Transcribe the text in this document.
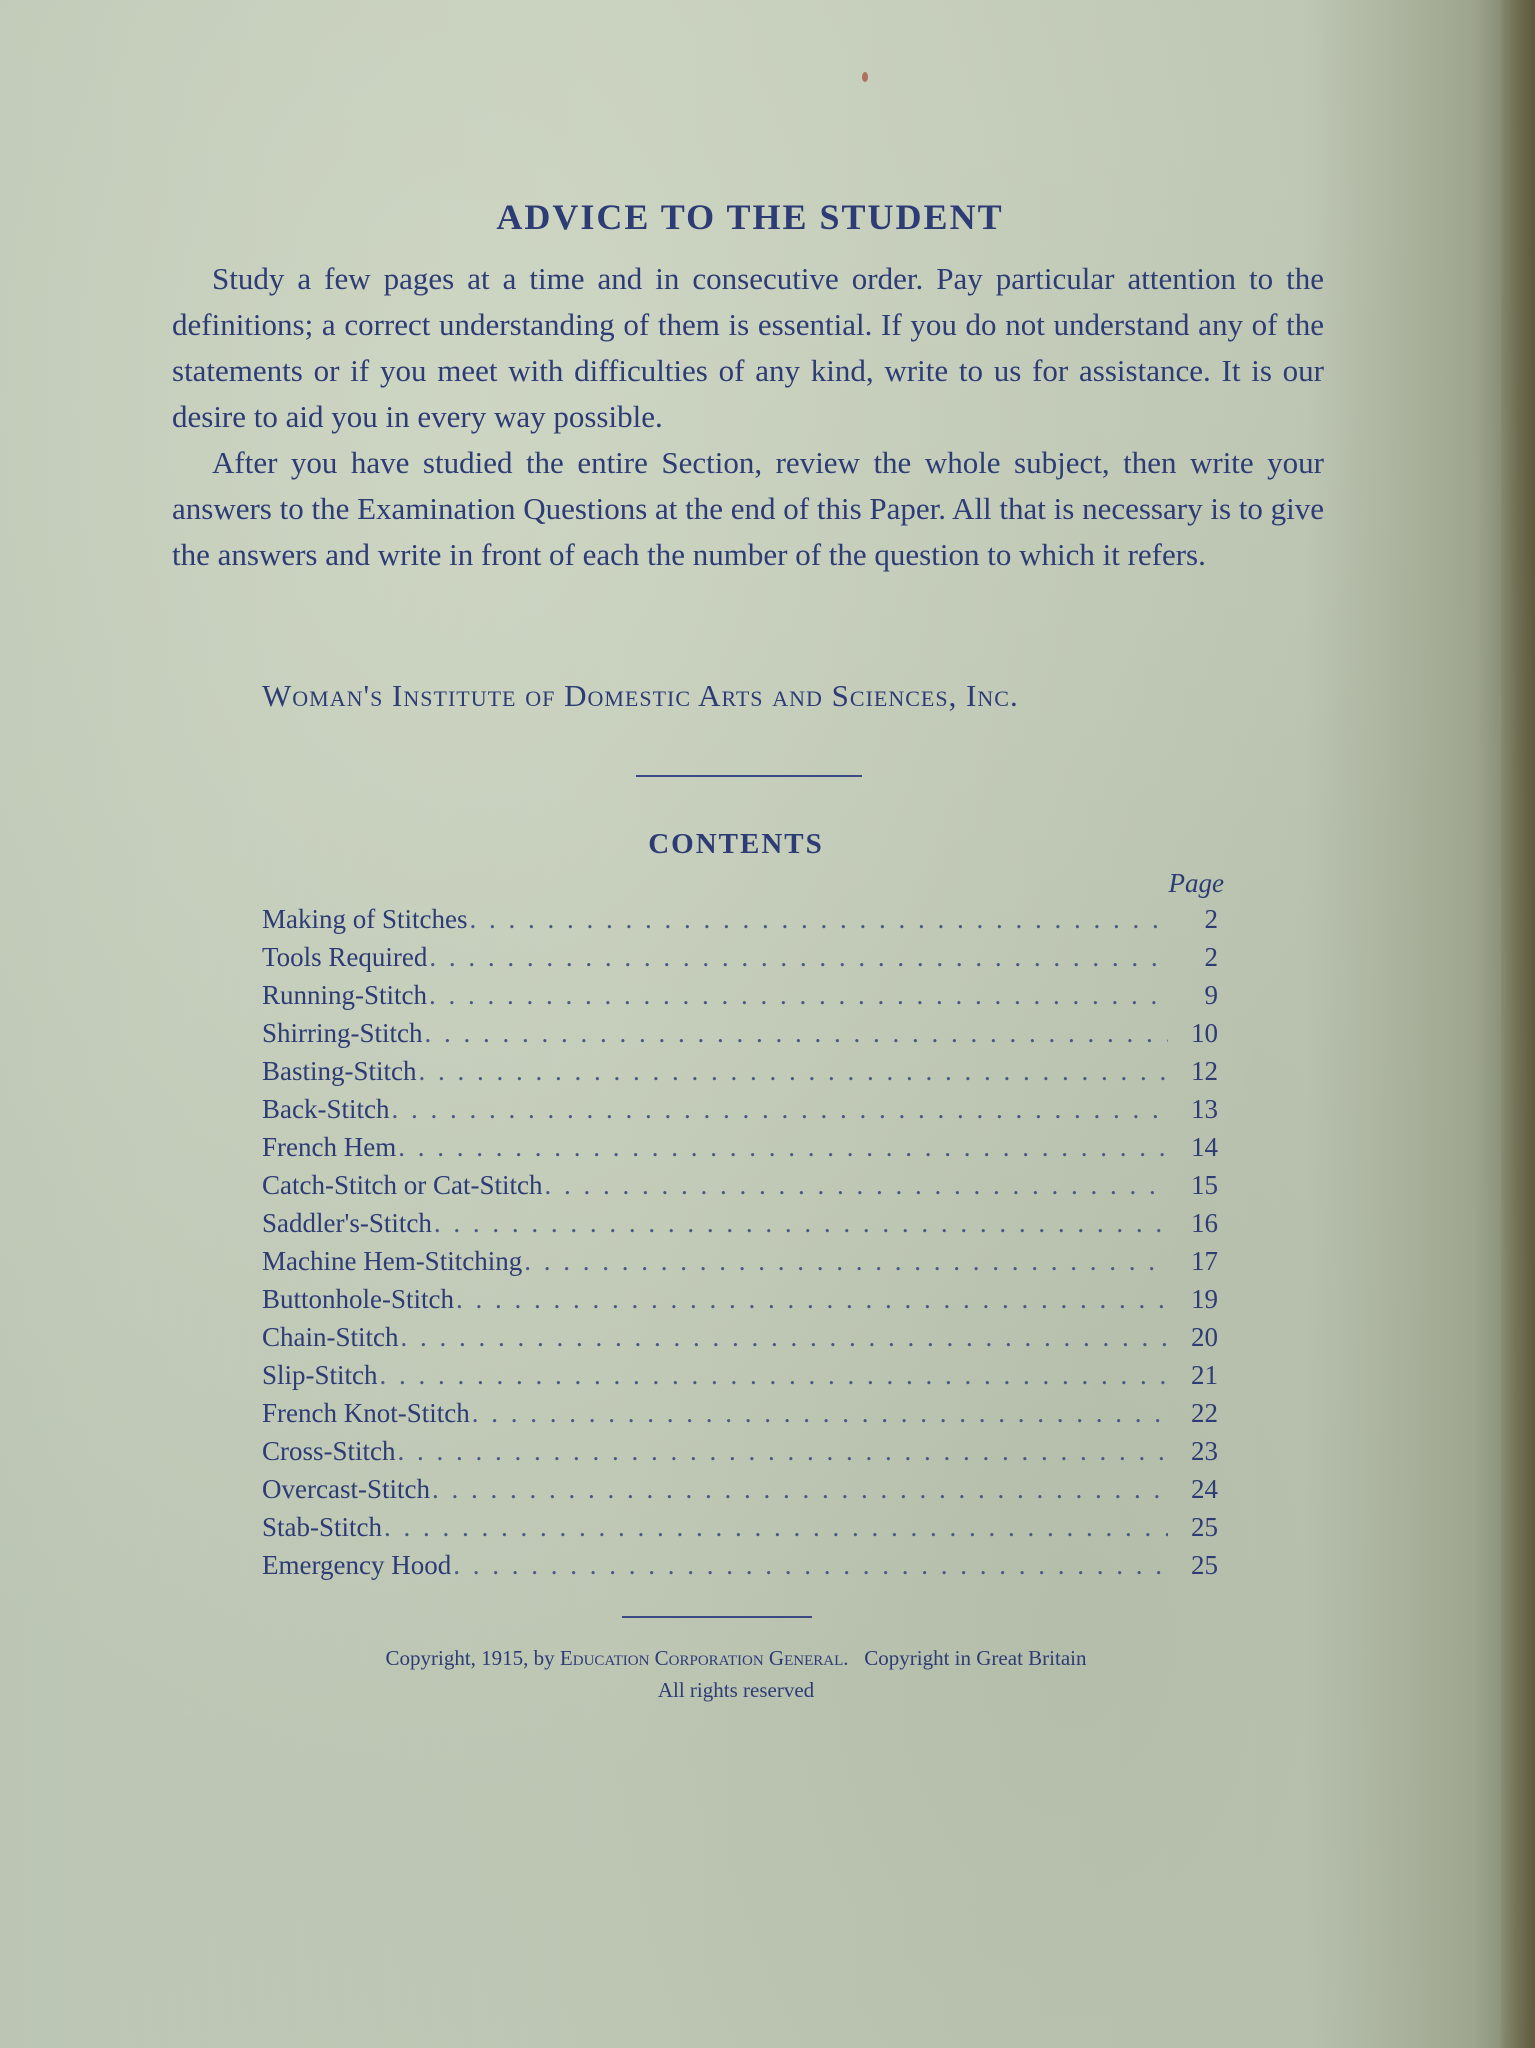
ADVICE TO THE STUDENT

Study a few pages at a time and in consecutive order. Pay particular attention to the definitions; a correct understanding of them is essential. If you do not understand any of the statements or if you meet with difficulties of any kind, write to us for assistance. It is our desire to aid you in every way possible.

After you have studied the entire Section, review the whole subject, then write your answers to the Examination Questions at the end of this Paper. All that is necessary is to give the answers and write in front of each the number of the question to which it refers.

Woman's Institute of Domestic Arts and Sciences, Inc.
CONTENTS
Page
Making of Stitches . . .	2
Tools Required . . .	2
Running-Stitch . . .	9
Shirring-Stitch . . .	10
Basting-Stitch . . .	12
Back-Stitch . . .	13
French Hem . . .	14
Catch-Stitch or Cat-Stitch . . .	15
Saddler's-Stitch . . .	16
Machine Hem-Stitching . . .	17
Buttonhole-Stitch . . .	19
Chain-Stitch . . .	20
Slip-Stitch . . .	21
French Knot-Stitch . . .	22
Cross-Stitch . . .	23
Overcast-Stitch . . .	24
Stab-Stitch . . .	25
Emergency Hood . . .	25
Copyright, 1915, by Education Corporation General. Copyright in Great Britain
All rights reserved
